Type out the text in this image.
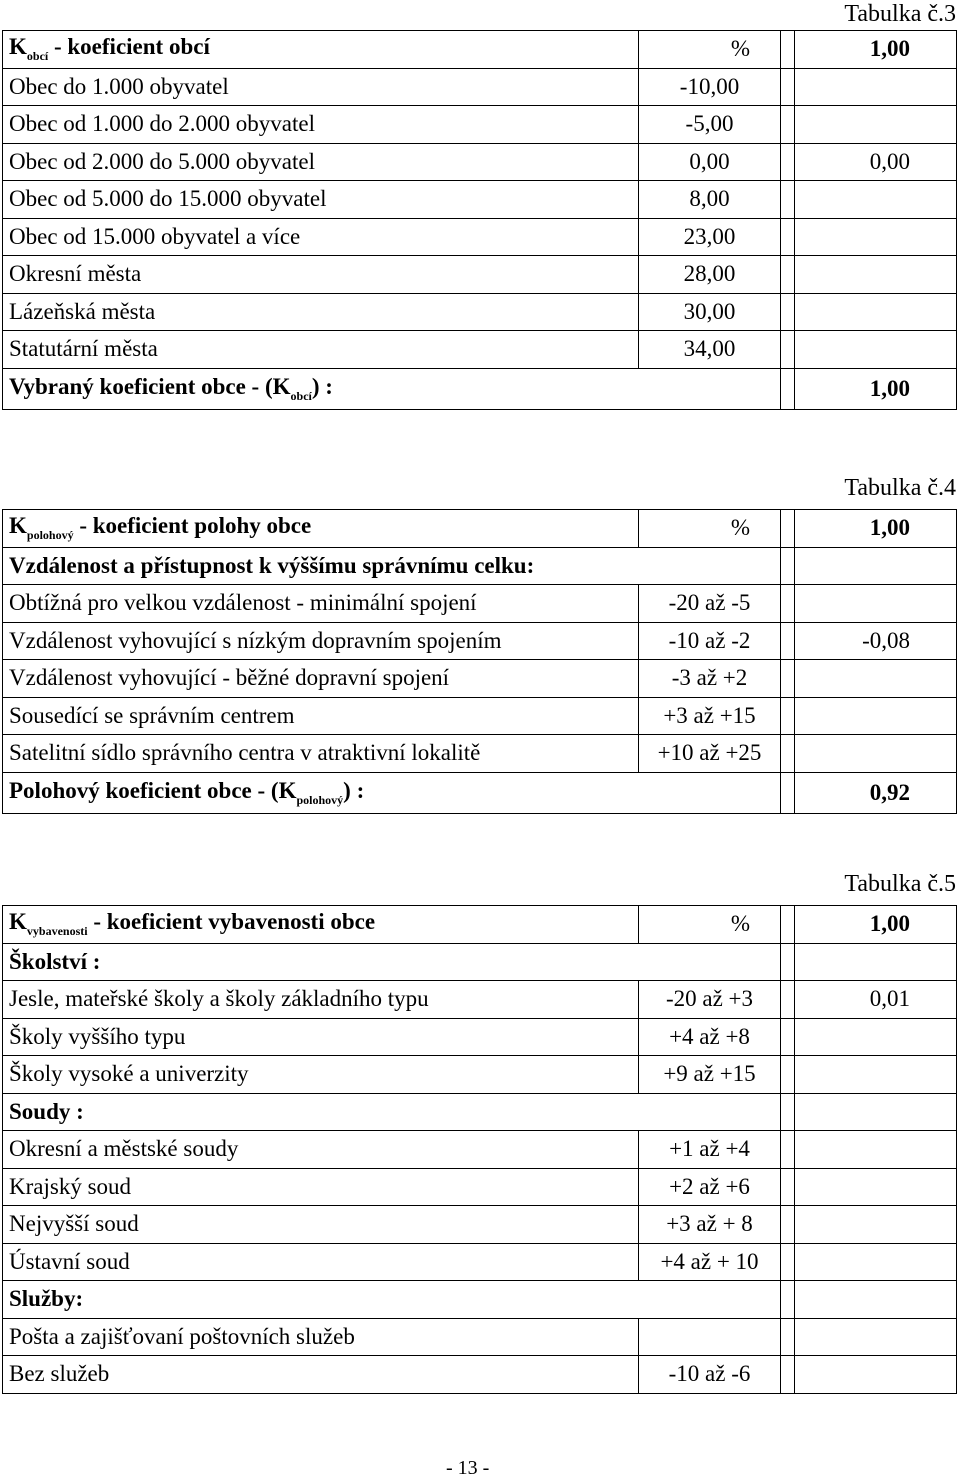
Tabulka č.3
$K_{obcí}$ - koeficient obcí	%		1,00
Obec do 1.000 obyvatel	-10,00		
Obec od 1.000 do 2.000 obyvatel	-5,00		
Obec od 2.000 do 5.000 obyvatel	0,00		0,00
Obec od 5.000 do 15.000 obyvatel	8,00		
Obec od 15.000 obyvatel a více	23,00		
Okresní města	28,00		
Lázeňská města	30,00		
Statutární města	34,00		
Vybraný koeficient obce - $(K_{obcí})$ :			1,00
Tabulka č.4
$K_{polohový}$ - koeficient polohy obce	%		1,00
Vzdálenost a přístupnost k výššímu správnímu celku:			
Obtížná pro velkou vzdálenost - minimální spojení	-20 až -5		
Vzdálenost vyhovující s nízkým dopravním spojením	-10 až -2		-0,08
Vzdálenost vyhovující - běžné dopravní spojení	-3 až +2		
Sousedící se správním centrem	+3 až +15		
Satelitní sídlo správního centra v atraktivní lokalitě	+10 až +25		
Polohový koeficient obce - $(K_{polohový})$ :			0,92
Tabulka č.5
$K_{vybavenosti}$ - koeficient vybavenosti obce	%		1,00
Školství :			
Jesle, mateřské školy a školy základního typu	-20 až +3		0,01
Školy vyššího typu	+4 až +8		
Školy vysoké a univerzity	+9 až +15		
Soudy :			
Okresní a městské soudy	+1 až +4		
Krajský soud	+2 až +6		
Nejvyšší soud	+3 až + 8		
Ústavní soud	+4 až + 10		
Služby:			
Pošta a zajišťovaní poštovních služeb			
Bez služeb	-10 až -6		
- 13 -
